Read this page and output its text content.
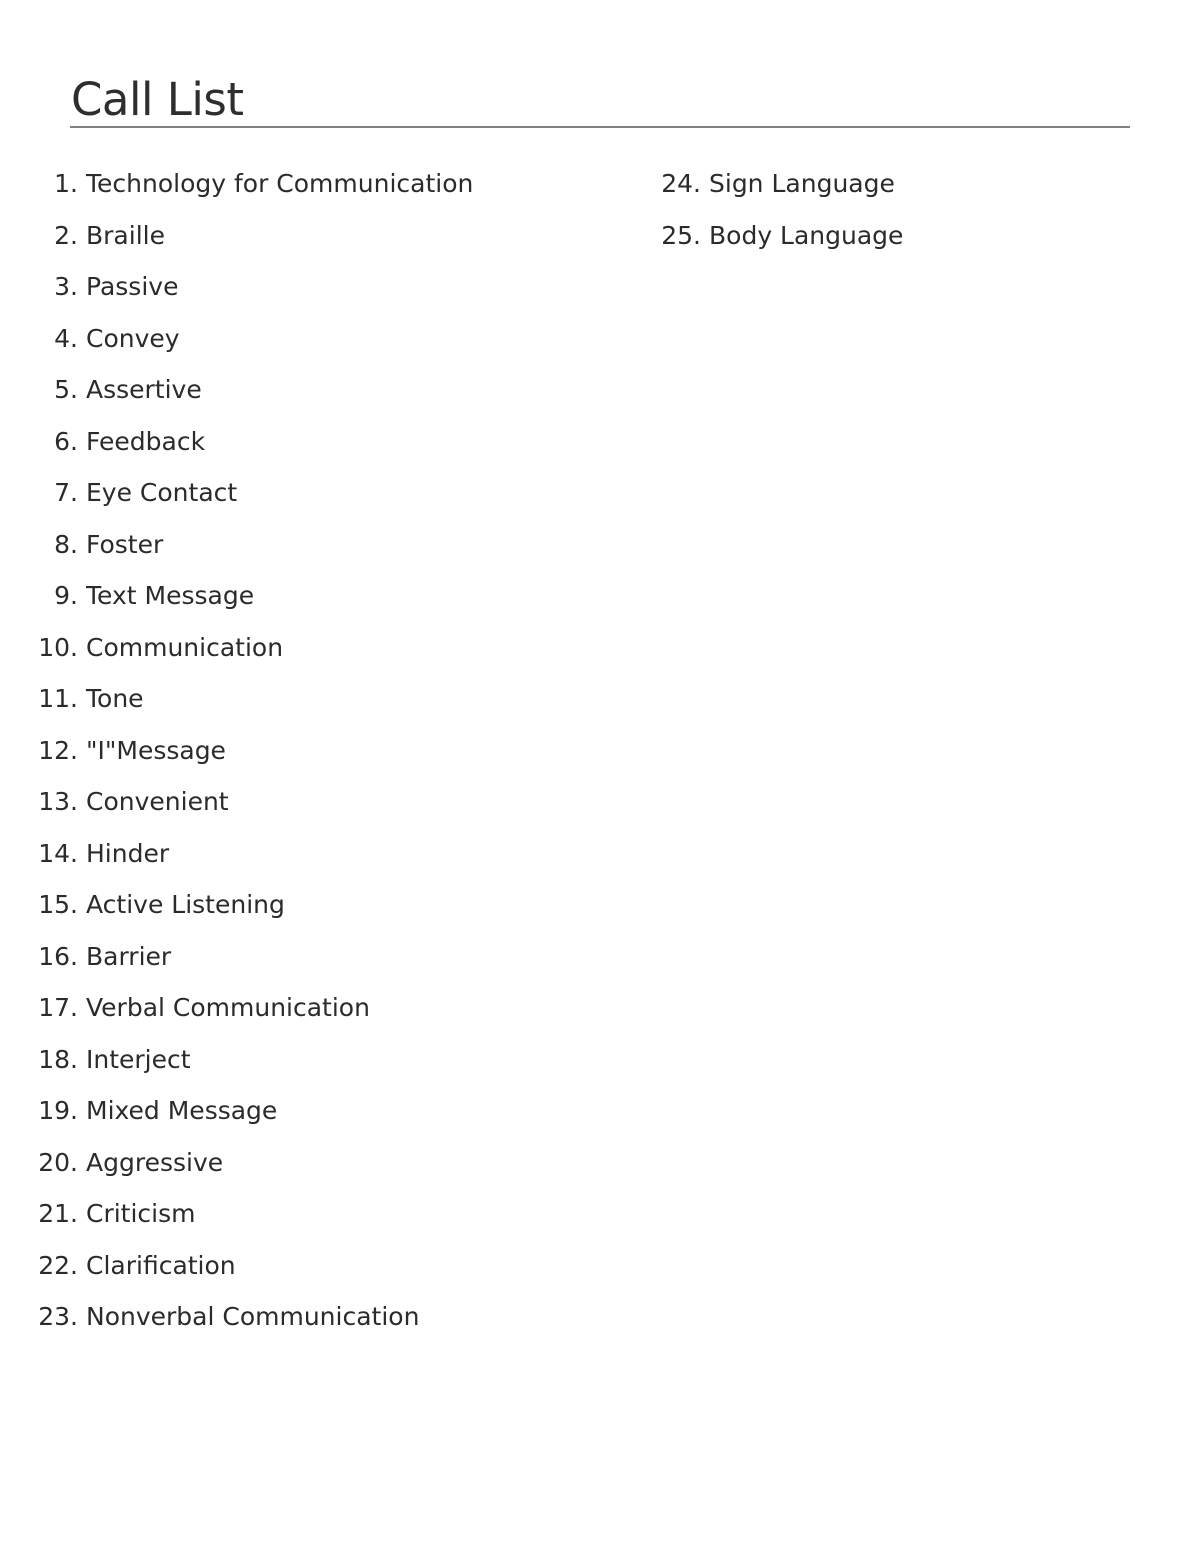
Call List
1. Technology for Communication
2. Braille
3. Passive
4. Convey
5. Assertive
6. Feedback
7. Eye Contact
8. Foster
9. Text Message
10. Communication
11. Tone
12. "I"Message
13. Convenient
14. Hinder
15. Active Listening
16. Barrier
17. Verbal Communication
18. Interject
19. Mixed Message
20. Aggressive
21. Criticism
22. Clarification
23. Nonverbal Communication
24. Sign Language
25. Body Language
